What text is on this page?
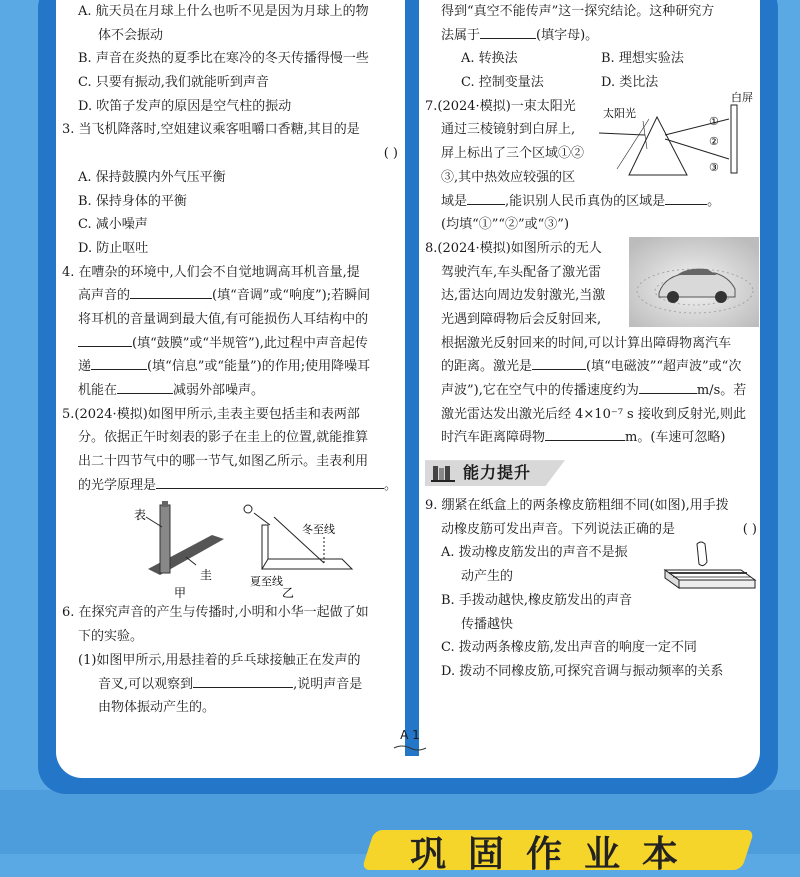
A. 航天员在月球上什么也听不见是因为月球上的物
体不会振动
B. 声音在炎热的夏季比在寒冷的冬天传播得慢一些
C. 只要有振动,我们就能听到声音
D. 吹笛子发声的原因是空气柱的振动
3. 当飞机降落时,空姐建议乘客咀嚼口香糖,其目的是
( )
A. 保持鼓膜内外气压平衡
B. 保持身体的平衡
C. 减小噪声
D. 防止呕吐
4. 在嘈杂的环境中,人们会不自觉地调高耳机音量,提
高声音的	(填“音调”或“响度”);若瞬间
将耳机的音量调到最大值,有可能损伤人耳结构中的
(填“鼓膜”或“半规管”),此过程中声音起传
递	(填“信息”或“能量”)的作用;使用降噪耳
机能在	减弱外部噪声。
5.(2024·模拟)如图甲所示,圭表主要包括圭和表两部
分。依据正午时刻表的影子在圭上的位置,就能推算
出二十四节气中的哪一节气,如图乙所示。圭表利用
的光学原理是	。
表
圭
甲
冬至线
夏至线
乙
6. 在探究声音的产生与传播时,小明和小华一起做了如
下的实验。
(1)如图甲所示,用悬挂着的乒乓球接触正在发声的
音叉,可以观察到	,说明声音是
由物体振动产生的。
得到“真空不能传声”这一探究结论。这种研究方
法属于	(填字母)。
A. 转换法	B. 理想实验法
C. 控制变量法	D. 类比法
7.(2024·模拟)一束太阳光
通过三棱镜射到白屏上,
屏上标出了三个区域①②
③,其中热效应较强的区
域是	,能识别人民币真伪的区域是	。
(均填“①”“②”或“③”)
白屏
太阳光
①
②
③
8.(2024·模拟)如图所示的无人
驾驶汽车,车头配备了激光雷
达,雷达向周边发射激光,当激
光遇到障碍物后会反射回来,
根据激光反射回来的时间,可以计算出障碍物离汽车
的距离。激光是	(填“电磁波”“超声波”或“次
声波”),它在空气中的传播速度约为	m/s。若
激光雷达发出激光后经 4×10⁻⁷ s 接收到反射光,则此
时汽车距离障碍物	m。(车速可忽略)
能力提升
9. 绷紧在纸盒上的两条橡皮筋粗细不同(如图),用手拨
动橡皮筋可发出声音。下列说法正确的是	( )
A. 拨动橡皮筋发出的声音不是振
动产生的
B. 手拨动越快,橡皮筋发出的声音
传播越快
C. 拨动两条橡皮筋,发出声音的响度一定不同
D. 拨动不同橡皮筋,可探究音调与振动频率的关系
A 1
巩固作业本
